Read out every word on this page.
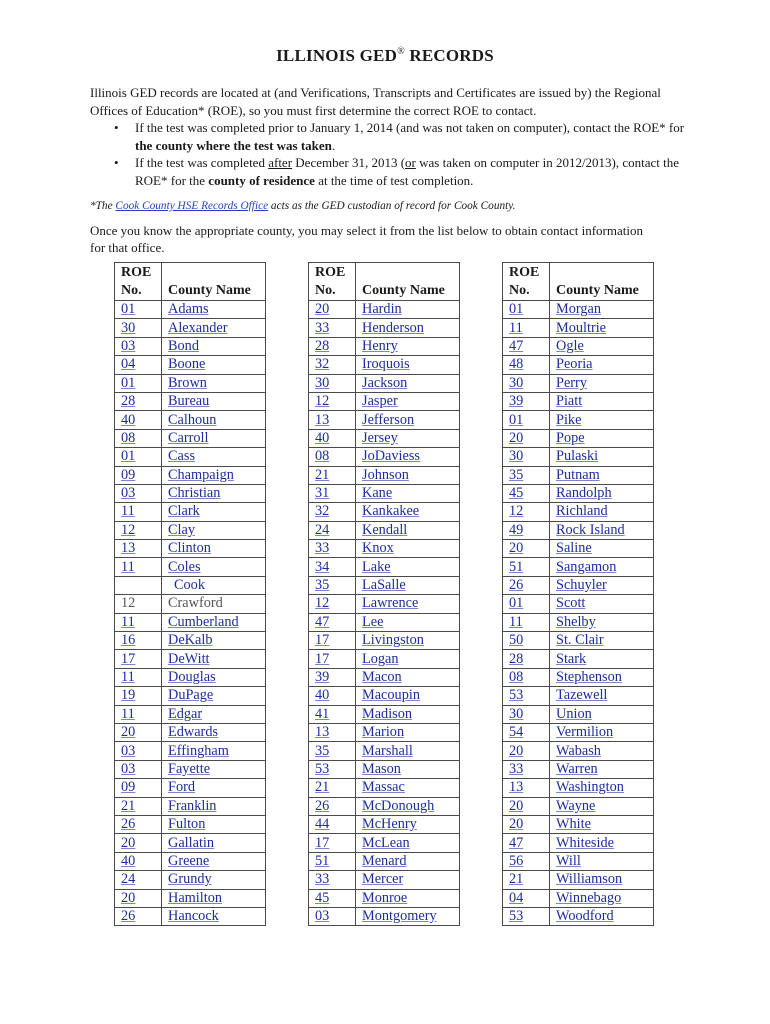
ILLINOIS GED® RECORDS

Illinois GED records are located at (and Verifications, Transcripts and Certificates are issued by) the Regional Offices of Education* (ROE), so you must first determine the correct ROE to contact.

• If the test was completed prior to January 1, 2014 (and was not taken on computer), contact the ROE* for the county where the test was taken.
• If the test was completed after December 31, 2013 (or was taken on computer in 2012/2013), contact the ROE* for the county of residence at the time of test completion.
*The Cook County HSE Records Office acts as the GED custodian of record for Cook County.
Once you know the appropriate county, you may select it from the list below to obtain contact information for that office.
ROE
No.	County Name
01	Adams
30	Alexander
03	Bond
04	Boone
01	Brown
28	Bureau
40	Calhoun
08	Carroll
01	Cass
09	Champaign
03	Christian
11	Clark
12	Clay
13	Clinton
11	Coles
	Cook
12	Crawford
11	Cumberland
16	DeKalb
17	DeWitt
11	Douglas
19	DuPage
11	Edgar
20	Edwards
03	Effingham
03	Fayette
09	Ford
21	Franklin
26	Fulton
20	Gallatin
40	Greene
24	Grundy
20	Hamilton
26	Hancock
ROE
No.	County Name
20	Hardin
33	Henderson
28	Henry
32	Iroquois
30	Jackson
12	Jasper
13	Jefferson
40	Jersey
08	JoDaviess
21	Johnson
31	Kane
32	Kankakee
24	Kendall
33	Knox
34	Lake
35	LaSalle
12	Lawrence
47	Lee
17	Livingston
17	Logan
39	Macon
40	Macoupin
41	Madison
13	Marion
35	Marshall
53	Mason
21	Massac
26	McDonough
44	McHenry
17	McLean
51	Menard
33	Mercer
45	Monroe
03	Montgomery
ROE
No.	County Name
01	Morgan
11	Moultrie
47	Ogle
48	Peoria
30	Perry
39	Piatt
01	Pike
20	Pope
30	Pulaski
35	Putnam
45	Randolph
12	Richland
49	Rock Island
20	Saline
51	Sangamon
26	Schuyler
01	Scott
11	Shelby
50	St. Clair
28	Stark
08	Stephenson
53	Tazewell
30	Union
54	Vermilion
20	Wabash
33	Warren
13	Washington
20	Wayne
20	White
47	Whiteside
56	Will
21	Williamson
04	Winnebago
53	Woodford
